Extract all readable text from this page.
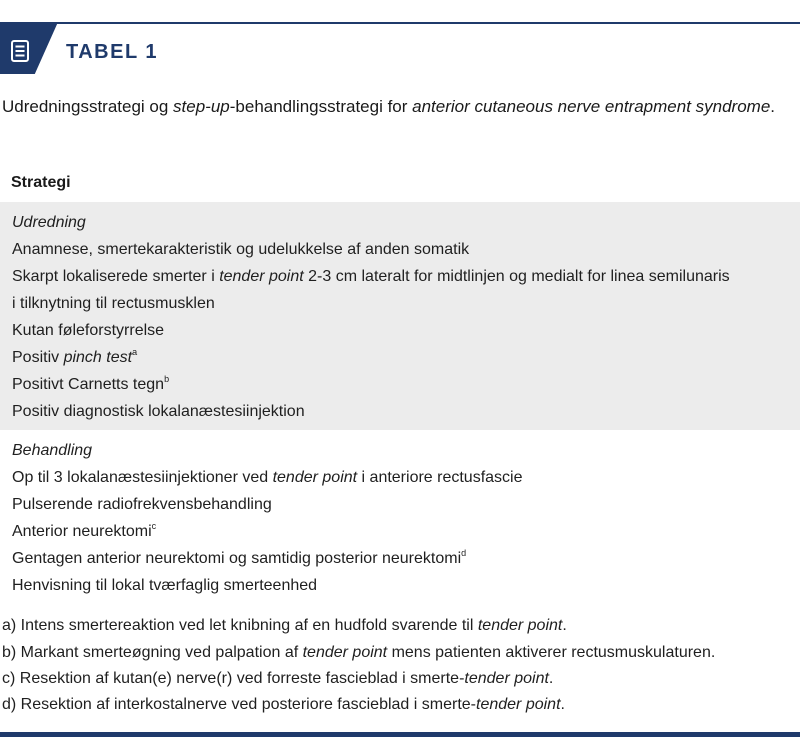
TABEL 1
Udredningsstrategi og step-up-behandlingsstrategi for anterior cutaneous nerve entrapment syndrome.
Strategi
Udredning
Anamnese, smertekarakteristik og udelukkelse af anden somatik
Skarpt lokaliserede smerter i tender point 2-3 cm lateralt for midtlinjen og medialt for linea semilunaris
i tilknytning til rectusmusklen
Kutan føleforstyrrelse
Positiv pinch test$^a$
Positivt Carnetts tegn$^b$
Positiv diagnostisk lokalanæstesiinjektion
Behandling
Op til 3 lokalanæstesiinjektioner ved tender point i anteriore rectusfascie
Pulserende radiofrekvensbehandling
Anterior neurektomi$^c$
Gentagen anterior neurektomi og samtidig posterior neurektomi$^d$
Henvisning til lokal tværfaglig smerteenhed
a) Intens smertereaktion ved let knibning af en hudfold svarende til tender point.
b) Markant smerteøgning ved palpation af tender point mens patienten aktiverer rectusmuskulaturen.
c) Resektion af kutan(e) nerve(r) ved forreste fascieblad i smerte-tender point.
d) Resektion af interkostalnerve ved posteriore fascieblad i smerte-tender point.
